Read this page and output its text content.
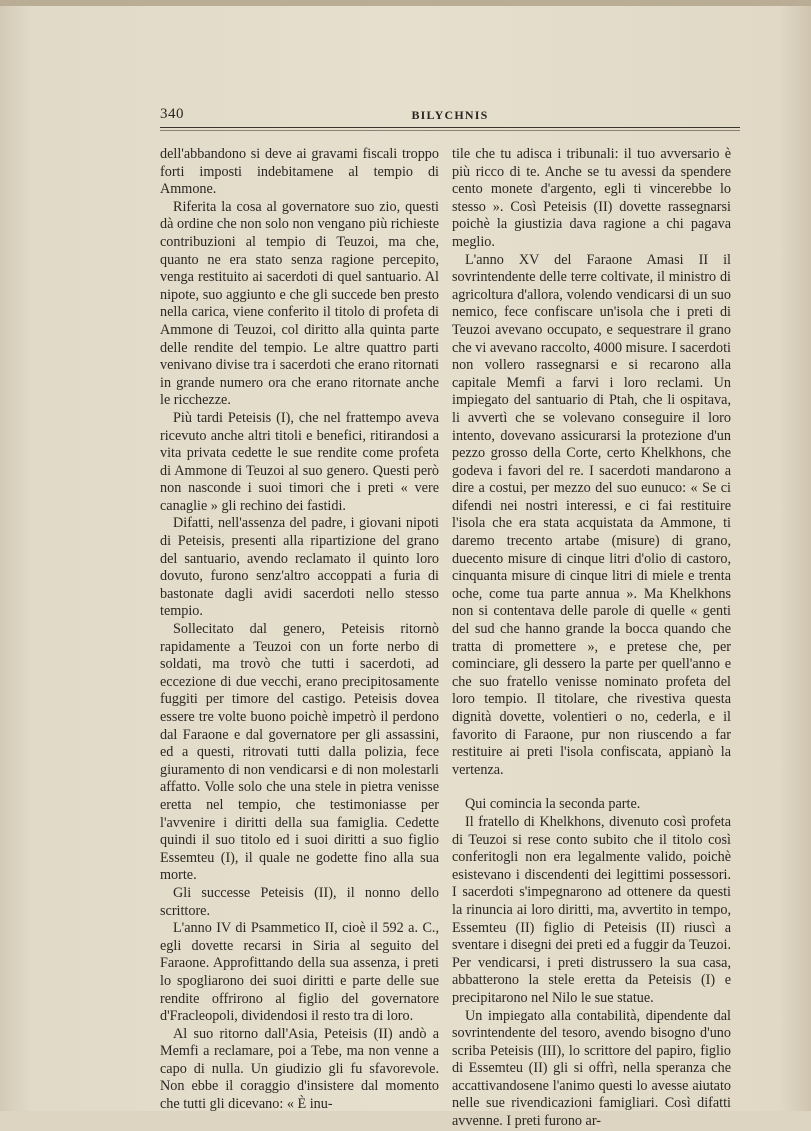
340	BILYCHNIS

dell'abbandono si deve ai gravami fiscali troppo forti imposti indebitamene al tempio di Ammone.

Riferita la cosa al governatore suo zio, questi dà ordine che non solo non vengano più richieste contribuzioni al tempio di Teuzoi, ma che, quanto ne era stato senza ragione percepito, venga restituito ai sacerdoti di quel santuario. Al nipote, suo aggiunto e che gli succede ben presto nella carica, viene conferito il titolo di profeta di Ammone di Teuzoi, col diritto alla quinta parte delle rendite del tempio. Le altre quattro parti venivano divise tra i sacerdoti che erano ritornati in grande numero ora che erano ritornate anche le ricchezze.

Più tardi Peteisis (I), che nel frattempo aveva ricevuto anche altri titoli e benefici, ritirandosi a vita privata cedette le sue rendite come profeta di Ammone di Teuzoi al suo genero. Questi però non nasconde i suoi timori che i preti « vere canaglie » gli rechino dei fastidi.

Difatti, nell'assenza del padre, i giovani nipoti di Peteisis, presenti alla ripartizione del grano del santuario, avendo reclamato il quinto loro dovuto, furono senz'altro accoppati a furia di bastonate dagli avidi sacerdoti nello stesso tempio.

Sollecitato dal genero, Peteisis ritornò rapidamente a Teuzoi con un forte nerbo di soldati, ma trovò che tutti i sacerdoti, ad eccezione di due vecchi, erano precipitosamente fuggiti per timore del castigo. Peteisis dovea essere tre volte buono poichè impetrò il perdono dal Faraone e dal governatore per gli assassini, ed a questi, ritrovati tutti dalla polizia, fece giuramento di non vendicarsi e di non molestarli affatto. Volle solo che una stele in pietra venisse eretta nel tempio, che testimoniasse per l'avvenire i diritti della sua famiglia. Cedette quindi il suo titolo ed i suoi diritti a suo figlio Essemteu (I), il quale ne godette fino alla sua morte.

Gli successe Peteisis (II), il nonno dello scrittore.

L'anno IV di Psammetico II, cioè il 592 a. C., egli dovette recarsi in Siria al seguito del Faraone. Approfittando della sua assenza, i preti lo spogliarono dei suoi diritti e parte delle sue rendite offrirono al figlio del governatore d'Fracleopoli, dividendosi il resto tra di loro.

Al suo ritorno dall'Asia, Peteisis (II) andò a Memfi a reclamare, poi a Tebe, ma non venne a capo di nulla. Un giudizio gli fu sfavorevole. Non ebbe il coraggio d'insistere dal momento che tutti gli dicevano: « È inu-

tile che tu adisca i tribunali: il tuo avversario è più ricco di te. Anche se tu avessi da spendere cento monete d'argento, egli ti vincerebbe lo stesso ». Così Peteisis (II) dovette rassegnarsi poichè la giustizia dava ragione a chi pagava meglio.

L'anno XV del Faraone Amasi II il sovrintendente delle terre coltivate, il ministro di agricoltura d'allora, volendo vendicarsi di un suo nemico, fece confiscare un'isola che i preti di Teuzoi avevano occupato, e sequestrare il grano che vi avevano raccolto, 4000 misure. I sacerdoti non vollero rassegnarsi e si recarono alla capitale Memfi a farvi i loro reclami. Un impiegato del santuario di Ptah, che li ospitava, li avvertì che se volevano conseguire il loro intento, dovevano assicurarsi la protezione d'un pezzo grosso della Corte, certo Khelkhons, che godeva i favori del re. I sacerdoti mandarono a dire a costui, per mezzo del suo eunuco: « Se ci difendi nei nostri interessi, e ci fai restituire l'isola che era stata acquistata da Ammone, ti daremo trecento artabe (misure) di grano, duecento misure di cinque litri d'olio di castoro, cinquanta misure di cinque litri di miele e trenta oche, come tua parte annua ». Ma Khelkhons non si contentava delle parole di quelle « genti del sud che hanno grande la bocca quando che tratta di promettere », e pretese che, per cominciare, gli dessero la parte per quell'anno e che suo fratello venisse nominato profeta del loro tempio. Il titolare, che rivestiva questa dignità dovette, volentieri o no, cederla, e il favorito di Faraone, pur non riuscendo a far restituire ai preti l'isola confiscata, appianò la vertenza.

Qui comincia la seconda parte.

Il fratello di Khelkhons, divenuto così profeta di Teuzoi si rese conto subito che il titolo così conferitogli non era legalmente valido, poichè esistevano i discendenti dei legittimi possessori. I sacerdoti s'impegnarono ad ottenere da questi la rinuncia ai loro diritti, ma, avvertito in tempo, Essemteu (II) figlio di Peteisis (II) riuscì a sventare i disegni dei preti ed a fuggir da Teuzoi. Per vendicarsi, i preti distrussero la sua casa, abbatterono la stele eretta da Peteisis (I) e precipitarono nel Nilo le sue statue.

Un impiegato alla contabilità, dipendente dal sovrintendente del tesoro, avendo bisogno d'uno scriba Peteisis (III), lo scrittore del papiro, figlio di Essemteu (II) gli si offrì, nella speranza che accattivandosene l'animo questi lo avesse aiutato nelle sue rivendicazioni famigliari. Così difatti avvenne. I preti furono ar-
